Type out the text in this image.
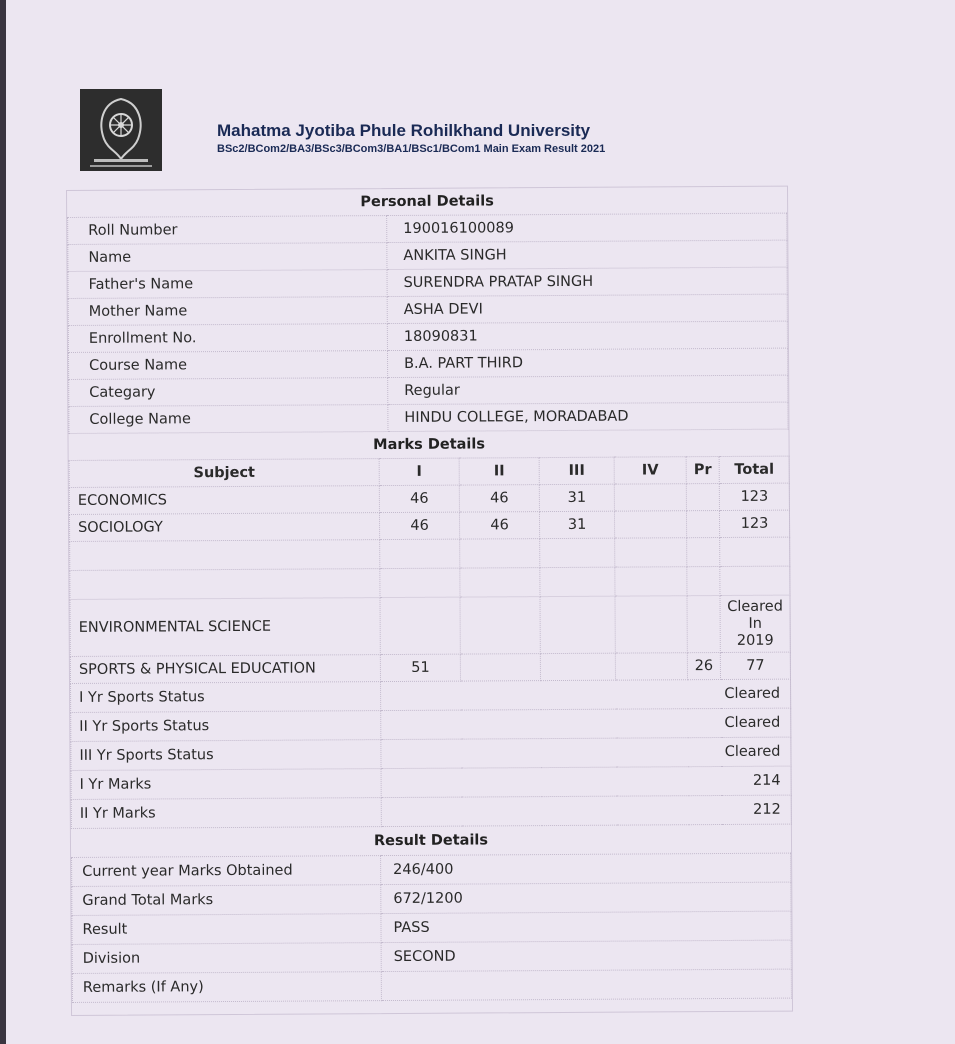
Mahatma Jyotiba Phule Rohilkhand University
BSc2/BCom2/BA3/BSc3/BCom3/BA1/BSc1/BCom1 Main Exam Result 2021
Personal Details	
Roll Number	190016100089
Name	ANKITA SINGH
Father's Name	SURENDRA PRATAP SINGH
Mother Name	ASHA DEVI
Enrollment No.	18090831
Course Name	B.A. PART THIRD
Categary	Regular
College Name	HINDU COLLEGE, MORADABAD
Marks Details						
Subject	I	II	III	IV	Pr	Total
ECONOMICS	46	46	31			123
SOCIOLOGY	46	46	31			123

ENVIRONMENTAL SCIENCE						Cleared
In
2019

SPORTS & PHYSICAL EDUCATION	51				26	77
I Yr Sports Status	Cleared					
II Yr Sports Status	Cleared					
III Yr Sports Status	Cleared					
I Yr Marks	214					
II Yr Marks	212					
Result Details	
Current year Marks Obtained	246/400
Grand Total Marks	672/1200
Result	PASS
Division	SECOND
Remarks (If Any)	
